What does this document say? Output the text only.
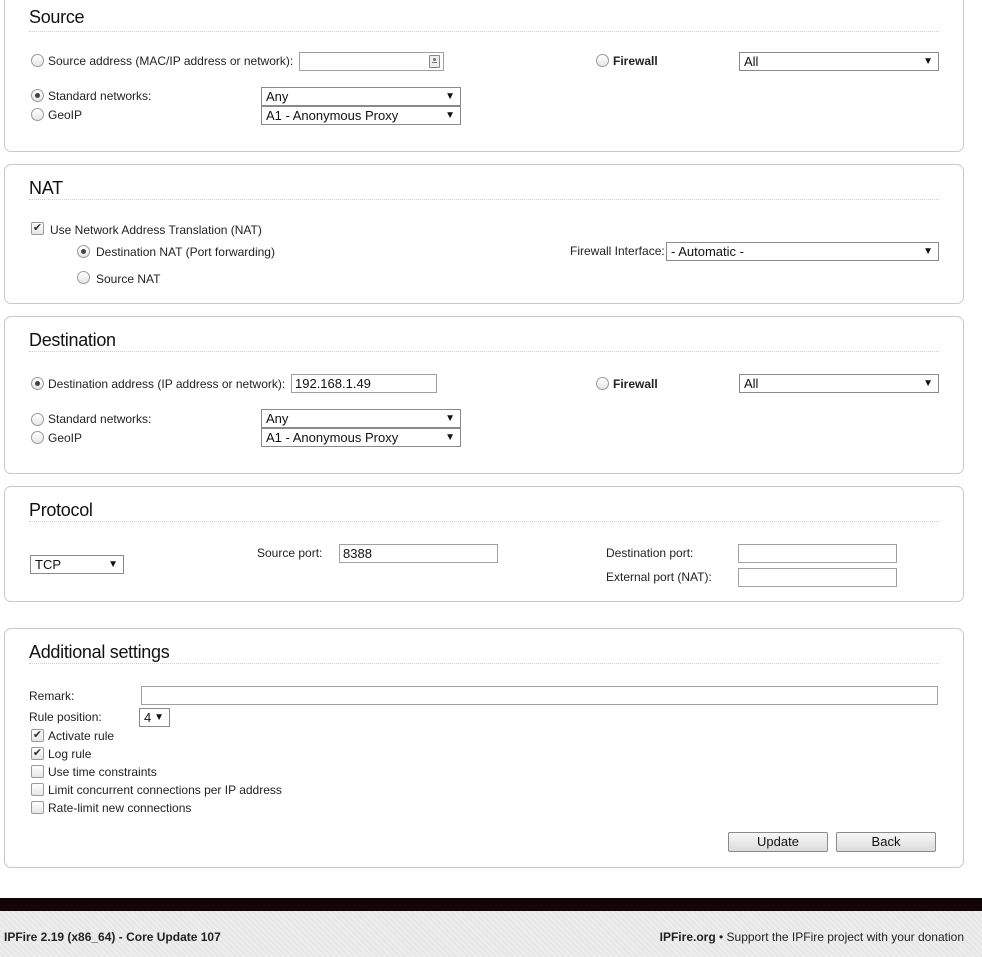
Source
Source address (MAC/IP address or network):	Firewall	All	▼
Standard networks:	Any	▼
GeoIP	A1 - Anonymous Proxy	▼
NAT
✔ Use Network Address Translation (NAT)
Destination NAT (Port forwarding)
Source NAT
Firewall Interface: - Automatic -	▼
Destination
Destination address (IP address or network): 192.168.1.49	Firewall	All	▼
Standard networks:	Any	▼
GeoIP	A1 - Anonymous Proxy	▼
Protocol
TCP	▼
Source port:	8388	Destination port:
External port (NAT):
Additional settings
Remark:
Rule position:	4 ▼
✔ Activate rule
✔ Log rule
Use time constraints
Limit concurrent connections per IP address
Rate-limit new connections
Update	Back
IPFire 2.19 (x86_64) - Core Update 107	IPFire.org • Support the IPFire project with your donation
